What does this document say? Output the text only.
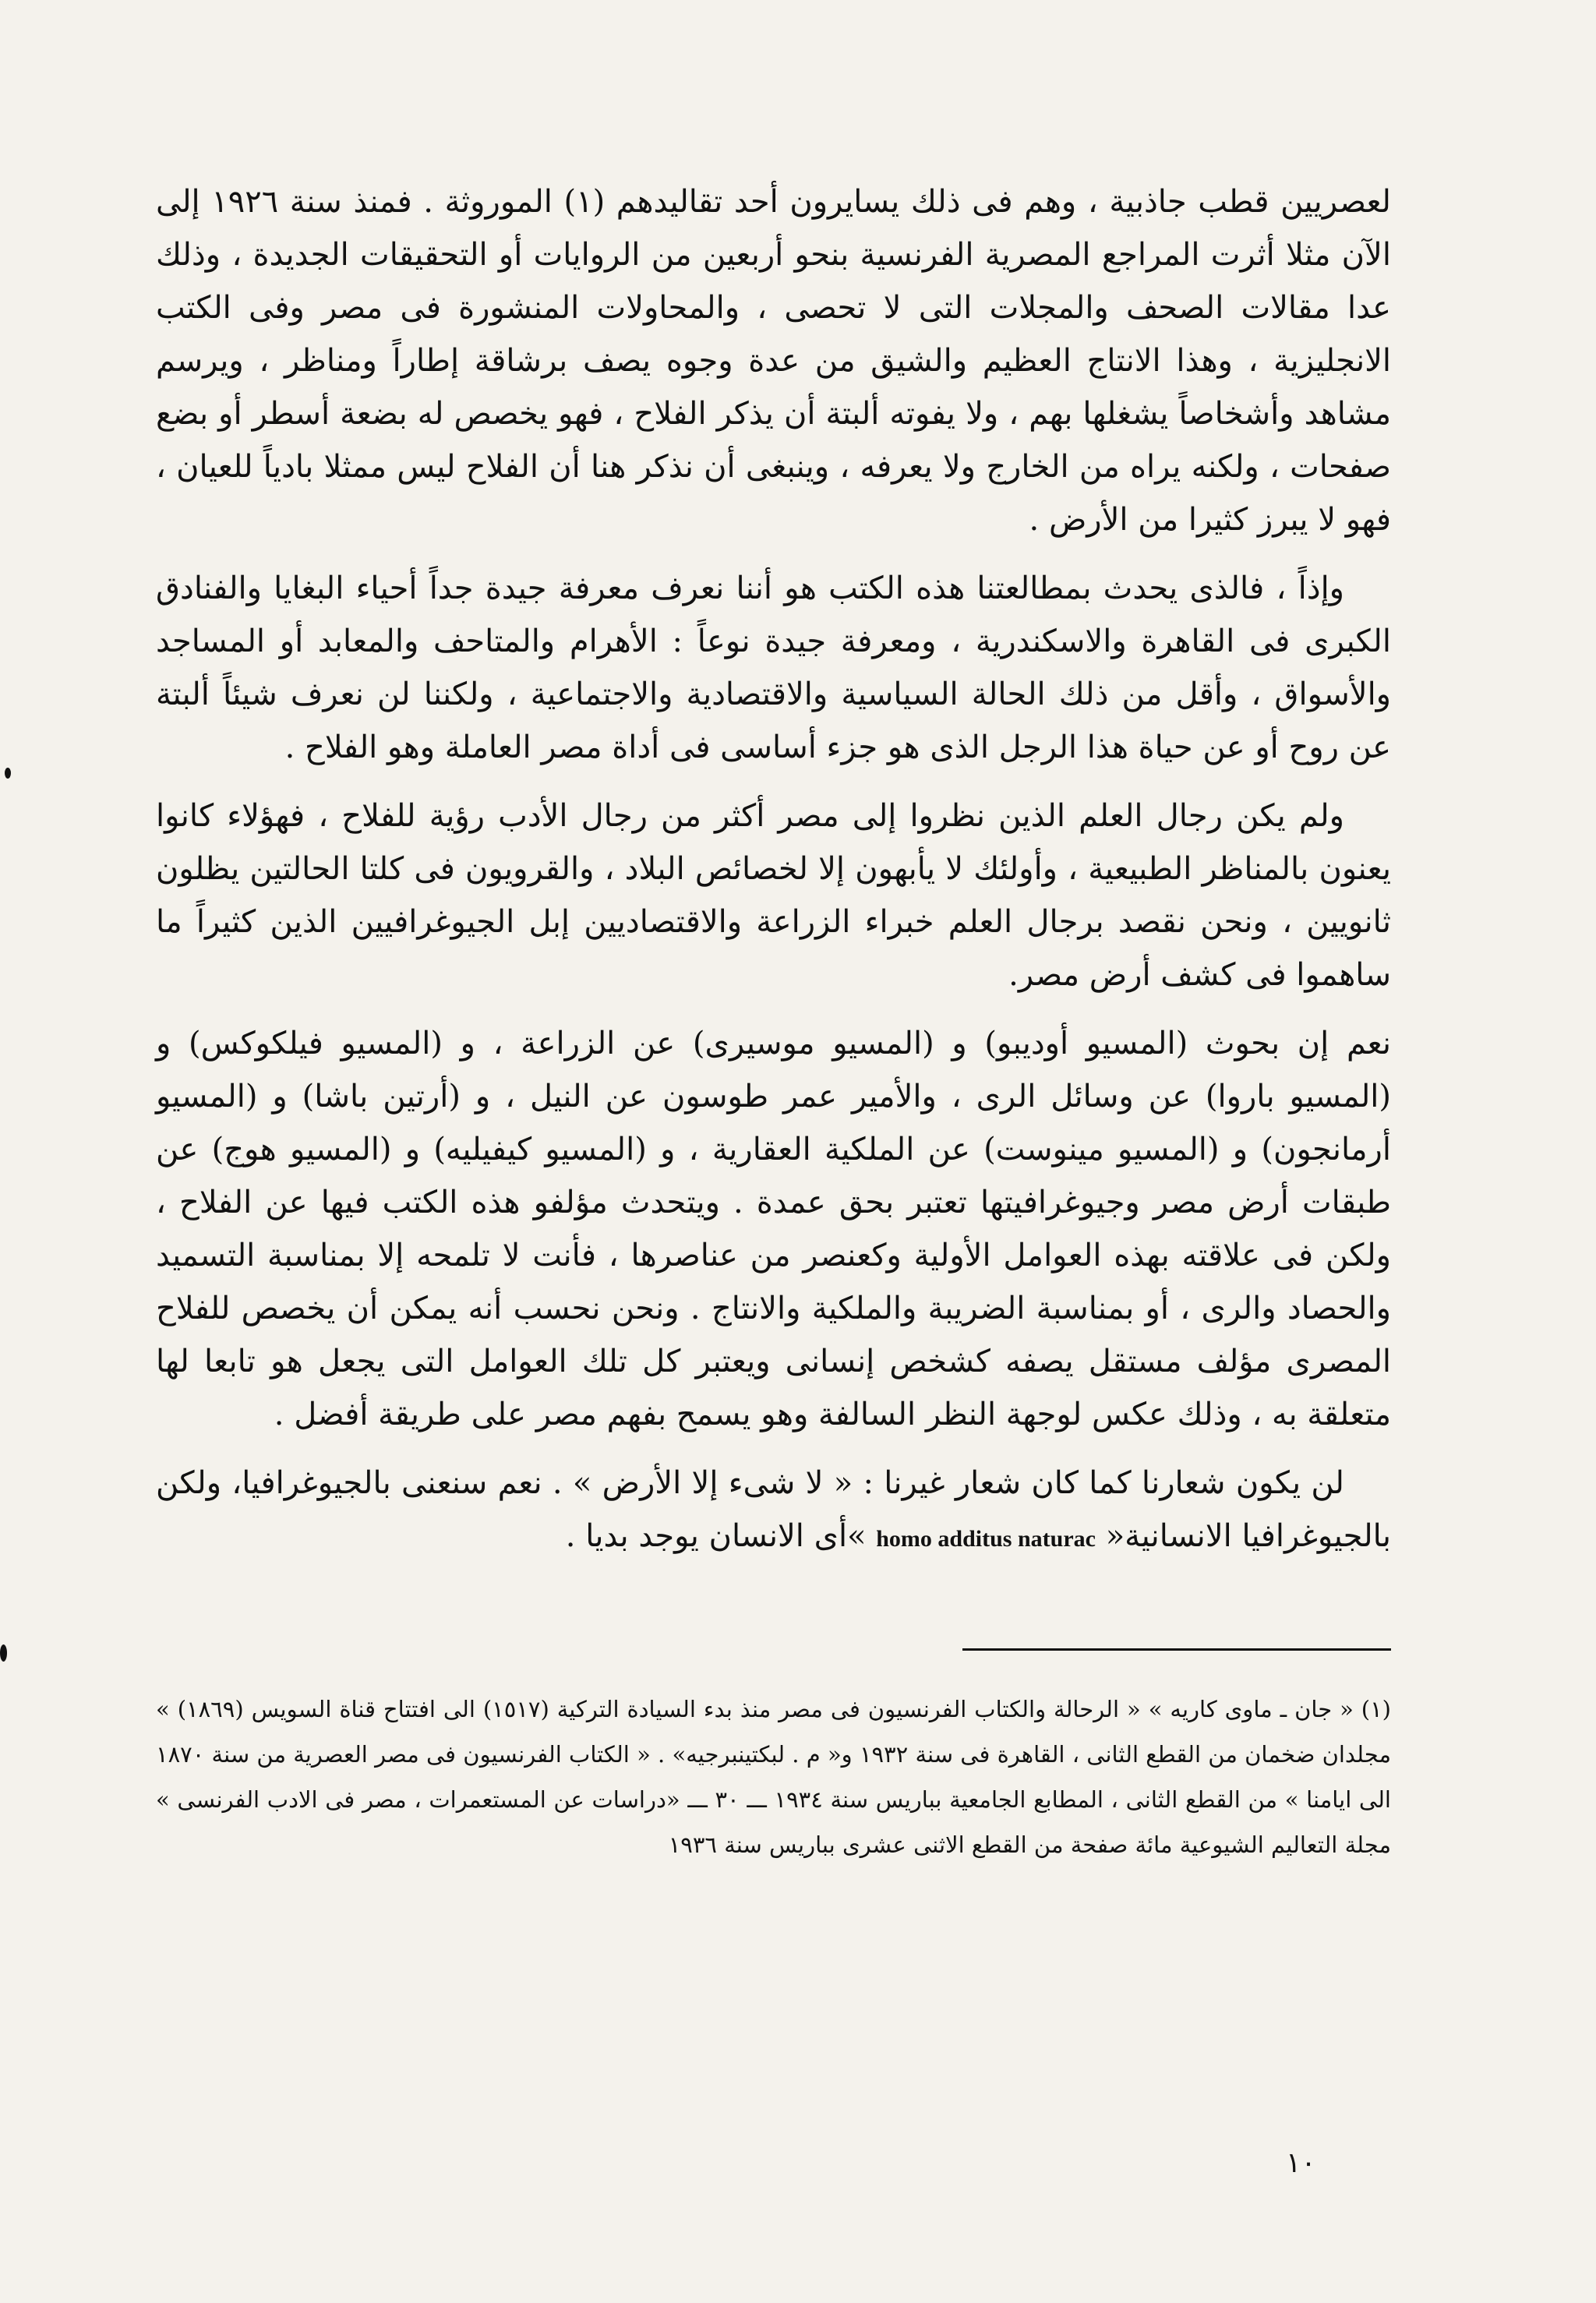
لعصريين قطب جاذبية ، وهم فى ذلك يسايرون أحد تقاليدهم (١) الموروثة . فمنذ سنة ١٩٢٦ إلى الآن مثلا أثرت المراجع المصرية الفرنسية بنحو أربعين من الروايات أو التحقيقات الجديدة ، وذلك عدا مقالات الصحف والمجلات التى لا تحصى ، والمحاولات المنشورة فى مصر وفى الكتب الانجليزية ، وهذا الانتاج العظيم والشيق من عدة وجوه يصف برشاقة إطاراً ومناظر ، ويرسم مشاهد وأشخاصاً يشغلها بهم ، ولا يفوته ألبتة أن يذكر الفلاح ، فهو يخصص له بضعة أسطر أو بضع صفحات ، ولكنه يراه من الخارج ولا يعرفه ، وينبغى أن نذكر هنا أن الفلاح ليس ممثلا بادياً للعيان ، فهو لا يبرز كثيرا من الأرض .

وإذاً ، فالذى يحدث بمطالعتنا هذه الكتب هو أننا نعرف معرفة جيدة جداً أحياء البغايا والفنادق الكبرى فى القاهرة والاسكندرية ، ومعرفة جيدة نوعاً : الأهرام والمتاحف والمعابد أو المساجد والأسواق ، وأقل من ذلك الحالة السياسية والاقتصادية والاجتماعية ، ولكننا لن نعرف شيئاً ألبتة عن روح أو عن حياة هذا الرجل الذى هو جزء أساسى فى أداة مصر العاملة وهو الفلاح .

ولم يكن رجال العلم الذين نظروا إلى مصر أكثر من رجال الأدب رؤية للفلاح ، فهؤلاء كانوا يعنون بالمناظر الطبيعية ، وأولئك لا يأبهون إلا لخصائص البلاد ، والقرويون فى كلتا الحالتين يظلون ثانويين ، ونحن نقصد برجال العلم خبراء الزراعة والاقتصاديين إبل الجيوغرافيين الذين كثيراً ما ساهموا فى كشف أرض مصر.

نعم إن بحوث (المسيو أوديبو) و (المسيو موسيرى) عن الزراعة ، و (المسيو فيلكوكس) و (المسيو باروا) عن وسائل الرى ، والأمير عمر طوسون عن النيل ، و (أرتين باشا) و (المسيو أرمانجون) و (المسيو مينوست) عن الملكية العقارية ، و (المسيو كيفيليه) و (المسيو هوج) عن طبقات أرض مصر وجيوغرافيتها تعتبر بحق عمدة . ويتحدث مؤلفو هذه الكتب فيها عن الفلاح ، ولكن فى علاقته بهذه العوامل الأولية وكعنصر من عناصرها ، فأنت لا تلمحه إلا بمناسبة التسميد والحصاد والرى ، أو بمناسبة الضريبة والملكية والانتاج . ونحن نحسب أنه يمكن أن يخصص للفلاح المصرى مؤلف مستقل يصفه كشخص إنسانى ويعتبر كل تلك العوامل التى يجعل هو تابعا لها متعلقة به ، وذلك عكس لوجهة النظر السالفة وهو يسمح بفهم مصر على طريقة أفضل .

لن يكون شعارنا كما كان شعار غيرنا : « لا شىء إلا الأرض » . نعم سنعنى بالجيوغرافيا، ولكن بالجيوغرافيا الانسانية« homo additus naturac »أى الانسان يوجد بديا .

(١) « جان ـ ماوى كاريه » « الرحالة والكتاب الفرنسيون فى مصر منذ بدء السيادة التركية (١٥١٧) الى افتتاح قناة السويس (١٨٦٩) » مجلدان ضخمان من القطع الثانى ، القاهرة فى سنة ١٩٣٢ و« م . لبكتينبرجيه» . « الكتاب الفرنسيون فى مصر العصرية من سنة ١٨٧٠ الى ايامنا » من القطع الثانى ، المطابع الجامعية بباريس سنة ١٩٣٤ ـــ ٣٠ ـــ «دراسات عن المستعمرات ، مصر فى الادب الفرنسى » مجلة التعاليم الشيوعية مائة صفحة من القطع الاثنى عشرى بباريس سنة ١٩٣٦

١٠
